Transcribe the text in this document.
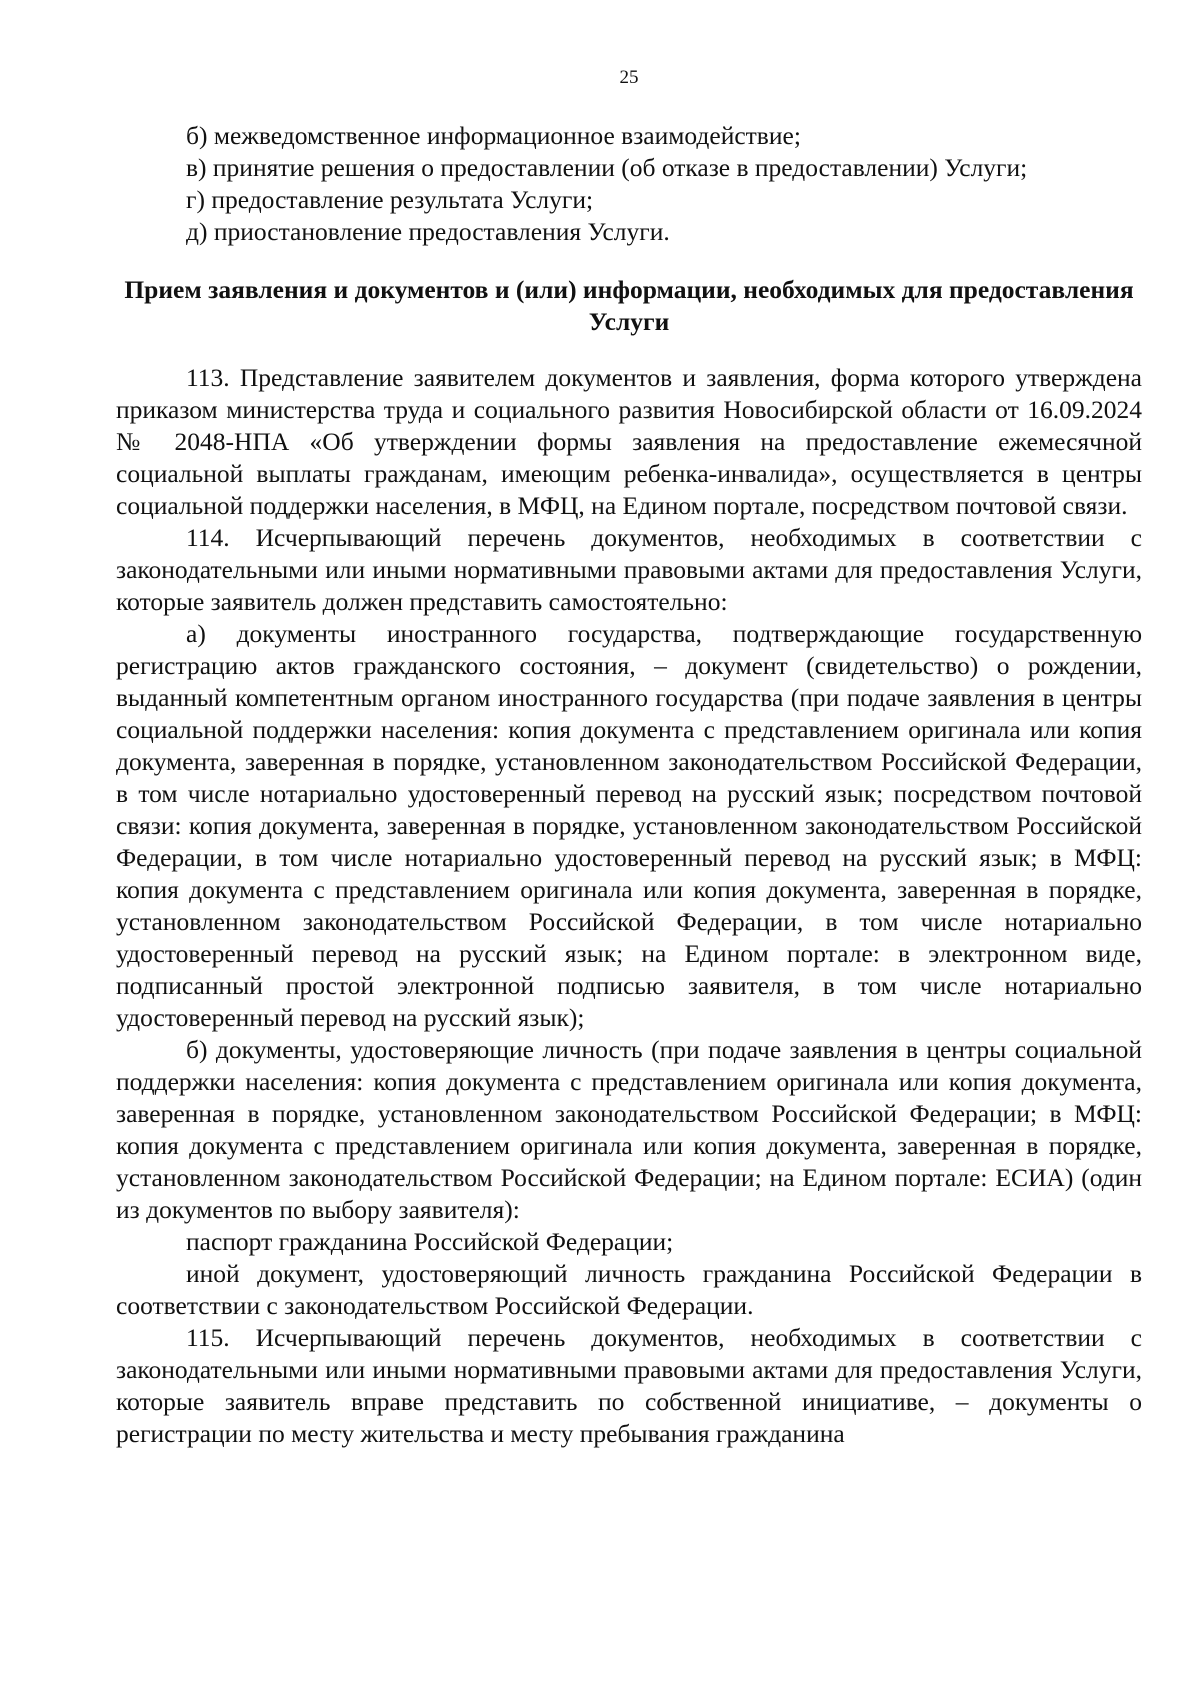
25

б) межведомственное информационное взаимодействие;

в) принятие решения о предоставлении (об отказе в предоставлении) Услуги;

г) предоставление результата Услуги;

д) приостановление предоставления Услуги.

Прием заявления и документов и (или) информации, необходимых для предоставления Услуги

113. Представление заявителем документов и заявления, форма которого утверждена приказом министерства труда и социального развития Новосибирской области от 16.09.2024 № 2048-НПА «Об утверждении формы заявления на предоставление ежемесячной социальной выплаты гражданам, имеющим ребенка-инвалида», осуществляется в центры социальной поддержки населения, в МФЦ, на Едином портале, посредством почтовой связи.

114. Исчерпывающий перечень документов, необходимых в соответствии с законодательными или иными нормативными правовыми актами для предоставления Услуги, которые заявитель должен представить самостоятельно:

а) документы иностранного государства, подтверждающие государственную регистрацию актов гражданского состояния, – документ (свидетельство) о рождении, выданный компетентным органом иностранного государства (при подаче заявления в центры социальной поддержки населения: копия документа с представлением оригинала или копия документа, заверенная в порядке, установленном законодательством Российской Федерации, в том числе нотариально удостоверенный перевод на русский язык; посредством почтовой связи: копия документа, заверенная в порядке, установленном законодательством Российской Федерации, в том числе нотариально удостоверенный перевод на русский язык; в МФЦ: копия документа с представлением оригинала или копия документа, заверенная в порядке, установленном законодательством Российской Федерации, в том числе нотариально удостоверенный перевод на русский язык; на Едином портале: в электронном виде, подписанный простой электронной подписью заявителя, в том числе нотариально удостоверенный перевод на русский язык);

б) документы, удостоверяющие личность (при подаче заявления в центры социальной поддержки населения: копия документа с представлением оригинала или копия документа, заверенная в порядке, установленном законодательством Российской Федерации; в МФЦ: копия документа с представлением оригинала или копия документа, заверенная в порядке, установленном законодательством Российской Федерации; на Едином портале: ЕСИА) (один из документов по выбору заявителя):

паспорт гражданина Российской Федерации;

иной документ, удостоверяющий личность гражданина Российской Федерации в соответствии с законодательством Российской Федерации.

115. Исчерпывающий перечень документов, необходимых в соответствии с законодательными или иными нормативными правовыми актами для предоставления Услуги, которые заявитель вправе представить по собственной инициативе, – документы о регистрации по месту жительства и месту пребывания гражданина
